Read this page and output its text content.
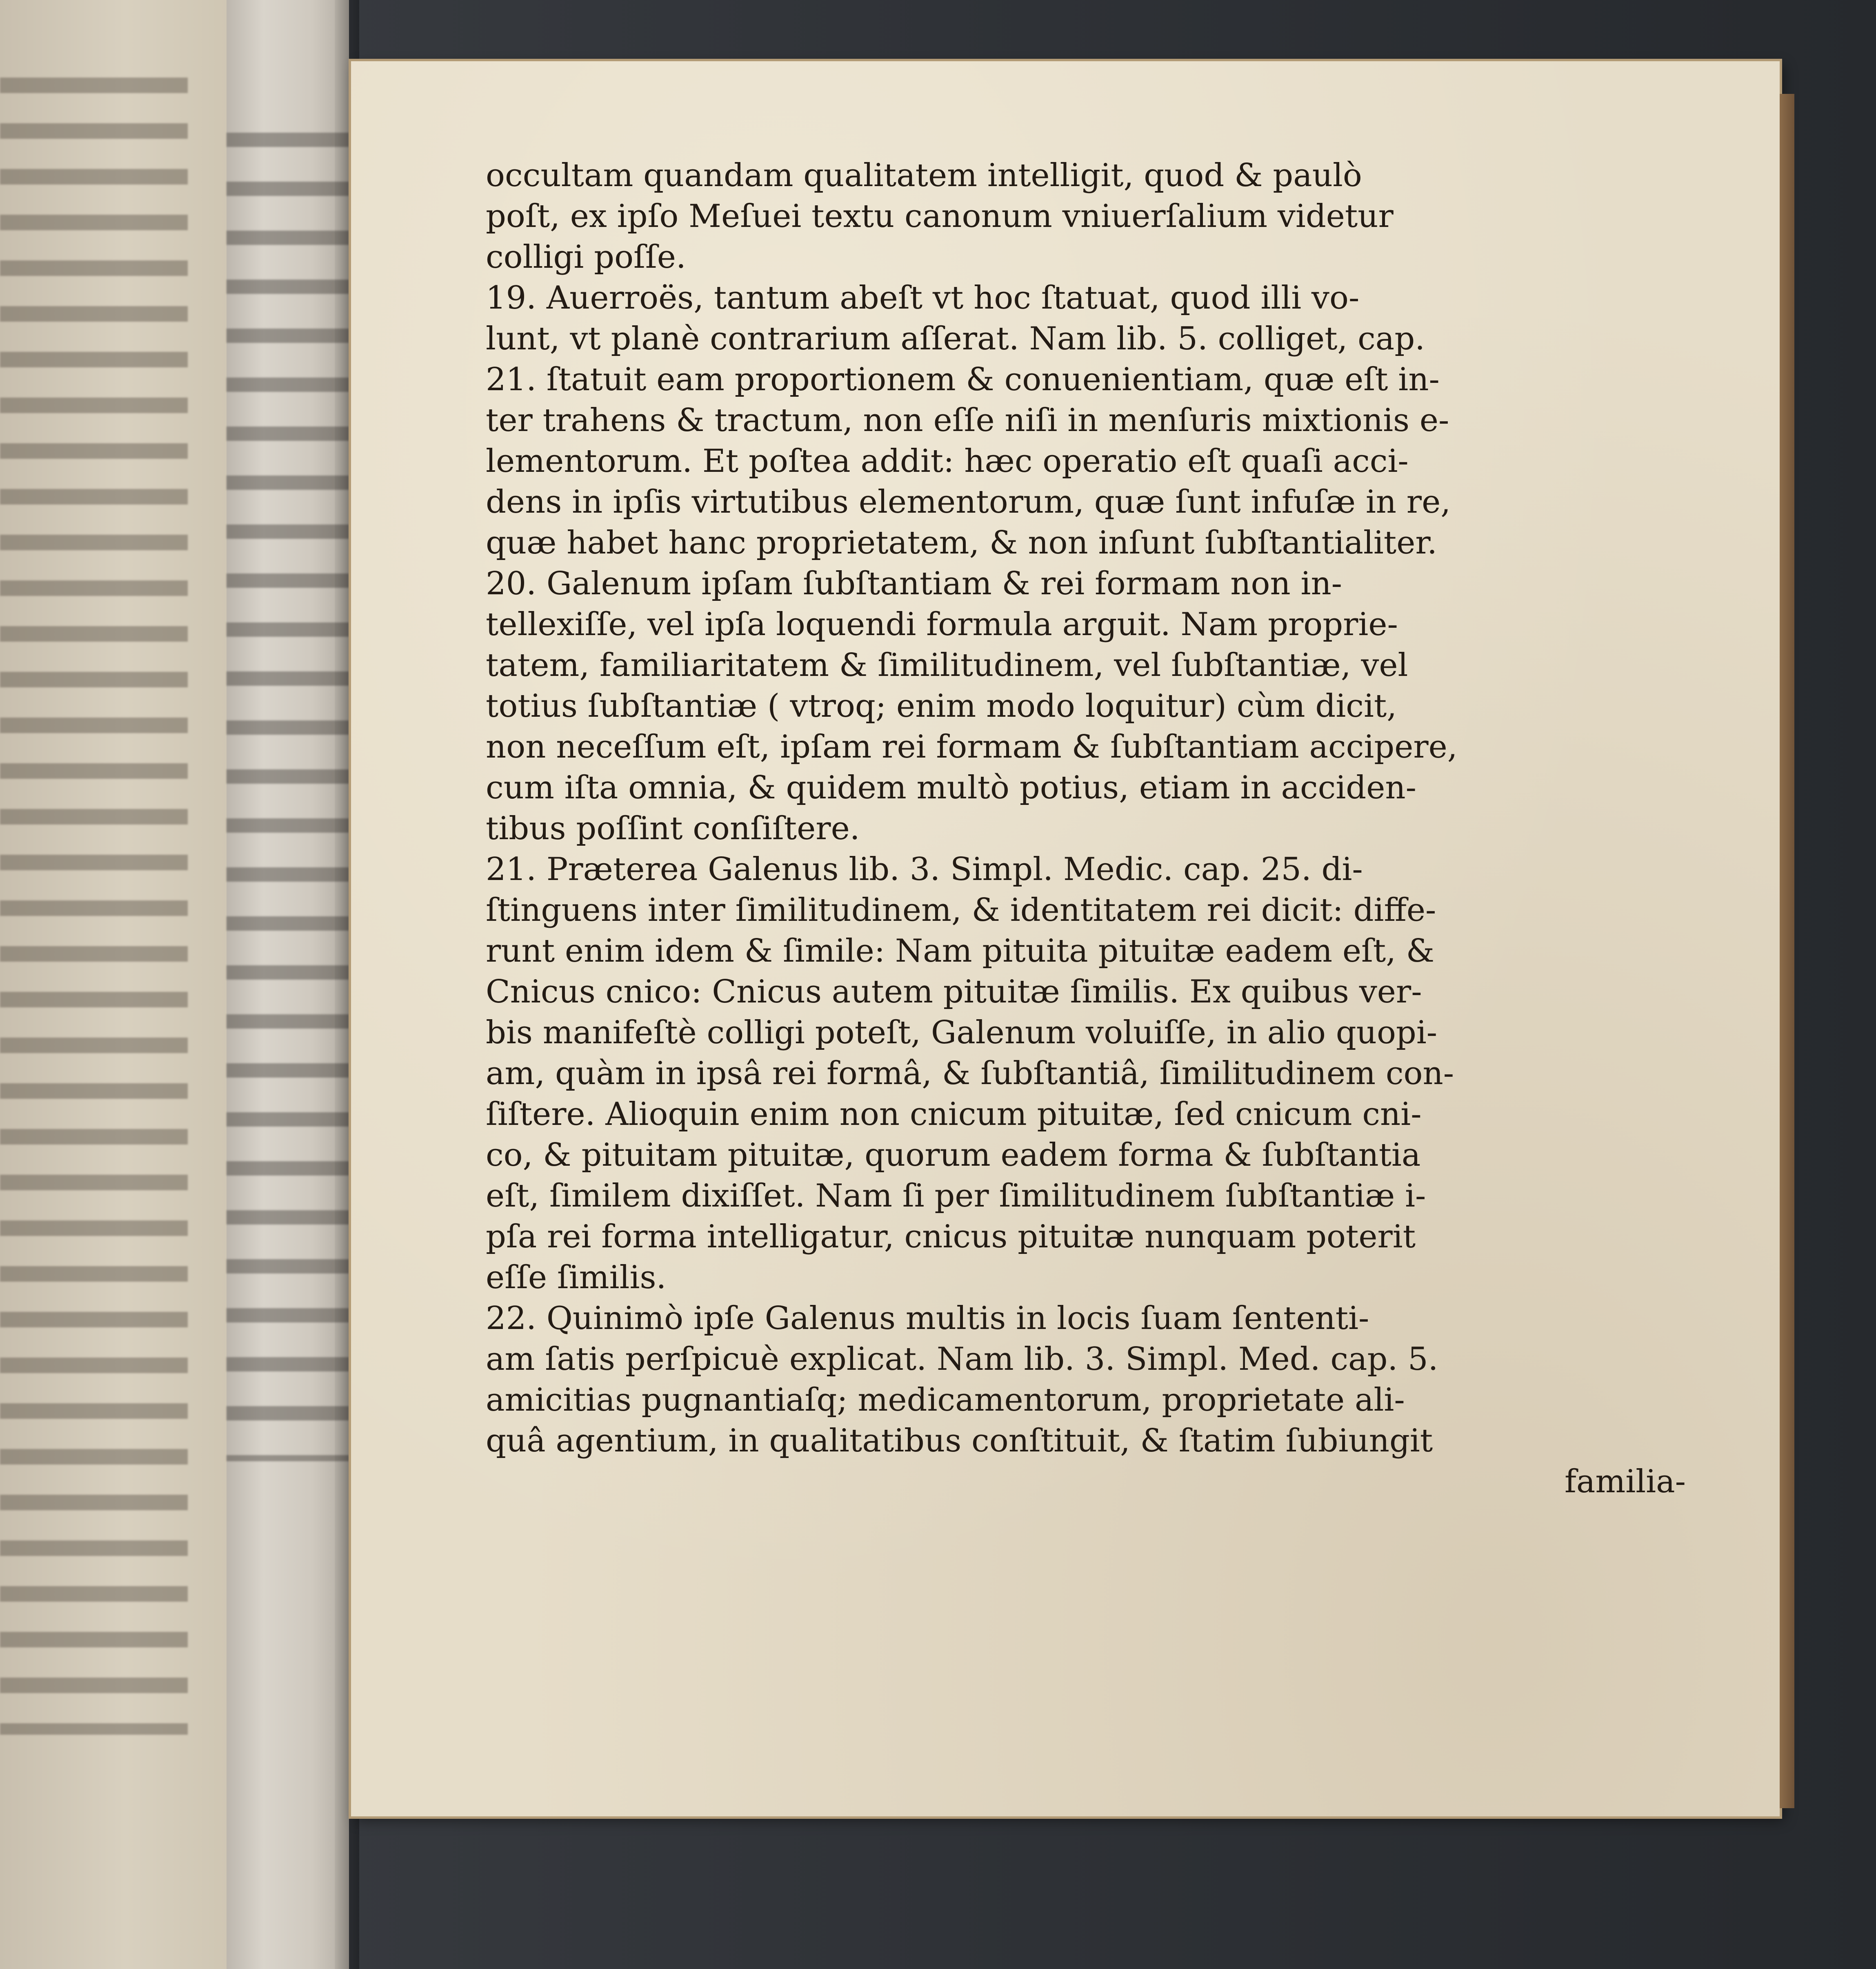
occultam quandam qualitatem intelligit, quod & paulò
poſt, ex ipſo Meſuei textu canonum vniuerſalium videtur
colligi poſſe.
19. Auerroës, tantum abeſt vt hoc ſtatuat, quod illi vo-
lunt, vt planè contrarium aſſerat. Nam lib. 5. colliget, cap.
21. ſtatuit eam proportionem & conuenientiam, quæ eſt in-
ter trahens & tractum, non eſſe niſi in menſuris mixtionis e-
lementorum. Et poſtea addit: hæc operatio eſt quaſi acci-
dens in ipſis virtutibus elementorum, quæ ſunt infuſæ in re,
quæ habet hanc proprietatem, & non inſunt ſubſtantialiter.
20. Galenum ipſam ſubſtantiam & rei formam non in-
tellexiſſe, vel ipſa loquendi formula arguit. Nam proprie-
tatem, familiaritatem & ſimilitudinem, vel ſubſtantiæ, vel
totius ſubſtantiæ ( vtroq; enim modo loquitur) cùm dicit,
non neceſſum eſt, ipſam rei formam & ſubſtantiam accipere,
cum iſta omnia, & quidem multò potius, etiam in acciden-
tibus poſſint conſiſtere.
21. Præterea Galenus lib. 3. Simpl. Medic. cap. 25. di-
ſtinguens inter ſimilitudinem, & identitatem rei dicit: diffe-
runt enim idem & ſimile: Nam pituita pituitæ eadem eſt, &
Cnicus cnico: Cnicus autem pituitæ ſimilis. Ex quibus ver-
bis manifeſtè colligi poteſt, Galenum voluiſſe, in alio quopi-
am, quàm in ipsâ rei formâ, & ſubſtantiâ, ſimilitudinem con-
ſiſtere. Alioquin enim non cnicum pituitæ, ſed cnicum cni-
co, & pituitam pituitæ, quorum eadem forma & ſubſtantia
eſt, ſimilem dixiſſet. Nam ſi per ſimilitudinem ſubſtantiæ i-
pſa rei forma intelligatur, cnicus pituitæ nunquam poterit
eſſe ſimilis.
22. Quinimò ipſe Galenus multis in locis ſuam ſententi-
am ſatis perſpicuè explicat. Nam lib. 3. Simpl. Med. cap. 5.
amicitias pugnantiaſq; medicamentorum, proprietate ali-
quâ agentium, in qualitatibus conſtituit, & ſtatim ſubiungit
familia-
